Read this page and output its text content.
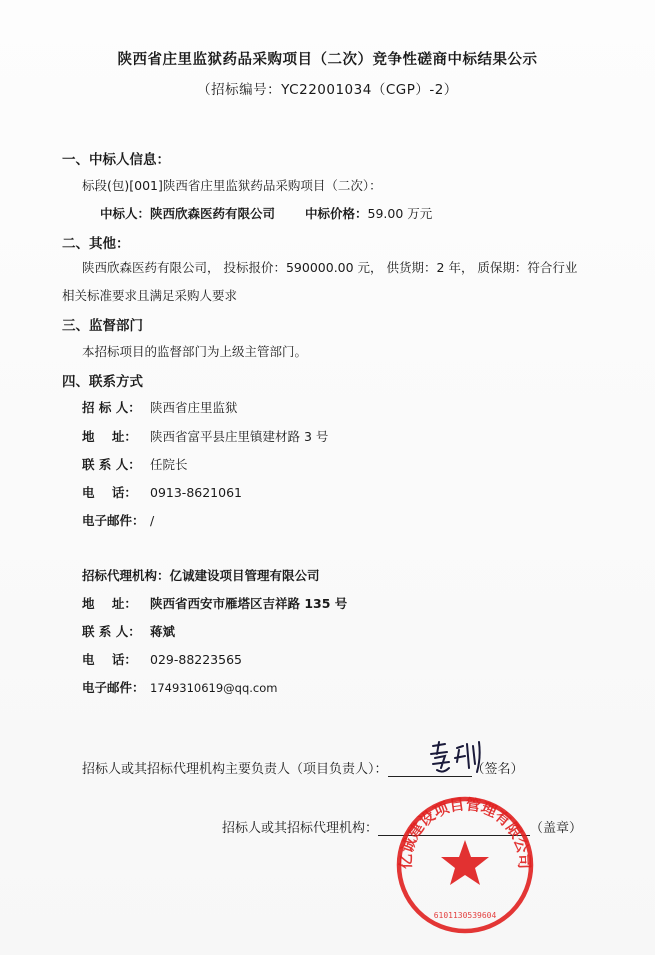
陕西省庄里监狱药品采购项目（二次）竞争性磋商中标结果公示
（招标编号：YC22001034（CGP）-2）
一、中标人信息：
标段(包)[001]陕西省庄里监狱药品采购项目（二次）：
中标人：陕西欣森医药有限公司 中标价格：59.00 万元
二、其他：
陕西欣森医药有限公司， 投标报价：590000.00 元， 供货期：2 年， 质保期：符合行业
相关标准要求且满足采购人要求
三、监督部门
本招标项目的监督部门为上级主管部门。
四、联系方式
招 标 人： 陕西省庄里监狱
地    址： 陕西省富平县庄里镇建材路 3 号
联 系 人： 任院长
电    话： 0913-8621061
电子邮件： /
招标代理机构：亿诚建设项目管理有限公司
地    址： 陕西省西安市雁塔区吉祥路 135 号
联 系 人： 蒋斌
电    话： 029-88223565
电子邮件： 1749310619@qq.com
招标人或其招标代理机构主要负责人（项目负责人）：	（签名）
招标人或其招标代理机构：	（盖章）
亿诚建设项目管理有限公司
6101130539604
